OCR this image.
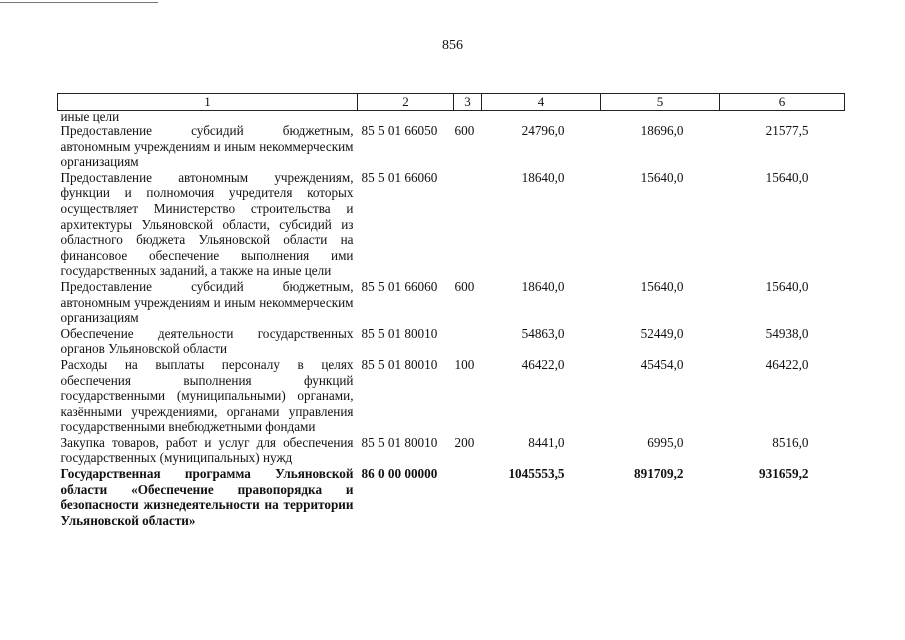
856
1	2	3	4	5	6
иные цели					
Предоставление субсидий бюджетным, автономным учреждениям и иным некоммерческим организациям	85 5 01 66050	600	24796,0	18696,0	21577,5
Предоставление автономным учреждениям, функции и полномочия учредителя которых осуществляет Министерство строительства и архитектуры Ульяновской области, субсидий из областного бюджета Ульяновской области на финансовое обеспечение выполнения ими государственных заданий, а также на иные цели	85 5 01 66060		18640,0	15640,0	15640,0
Предоставление субсидий бюджетным, автономным учреждениям и иным некоммерческим организациям	85 5 01 66060	600	18640,0	15640,0	15640,0
Обеспечение деятельности государственных органов Ульяновской области	85 5 01 80010		54863,0	52449,0	54938,0
Расходы на выплаты персоналу в целях обеспечения выполнения функций государственными (муниципальными) органами, казёнными учреждениями, органами управления государственными внебюджетными фондами	85 5 01 80010	100	46422,0	45454,0	46422,0
Закупка товаров, работ и услуг для обеспечения государственных (муниципальных) нужд	85 5 01 80010	200	8441,0	6995,0	8516,0
Государственная программа Ульяновской области «Обеспечение правопорядка и безопасности жизнедеятельности на территории Ульяновской области»	86 0 00 00000		1045553,5	891709,2	931659,2
